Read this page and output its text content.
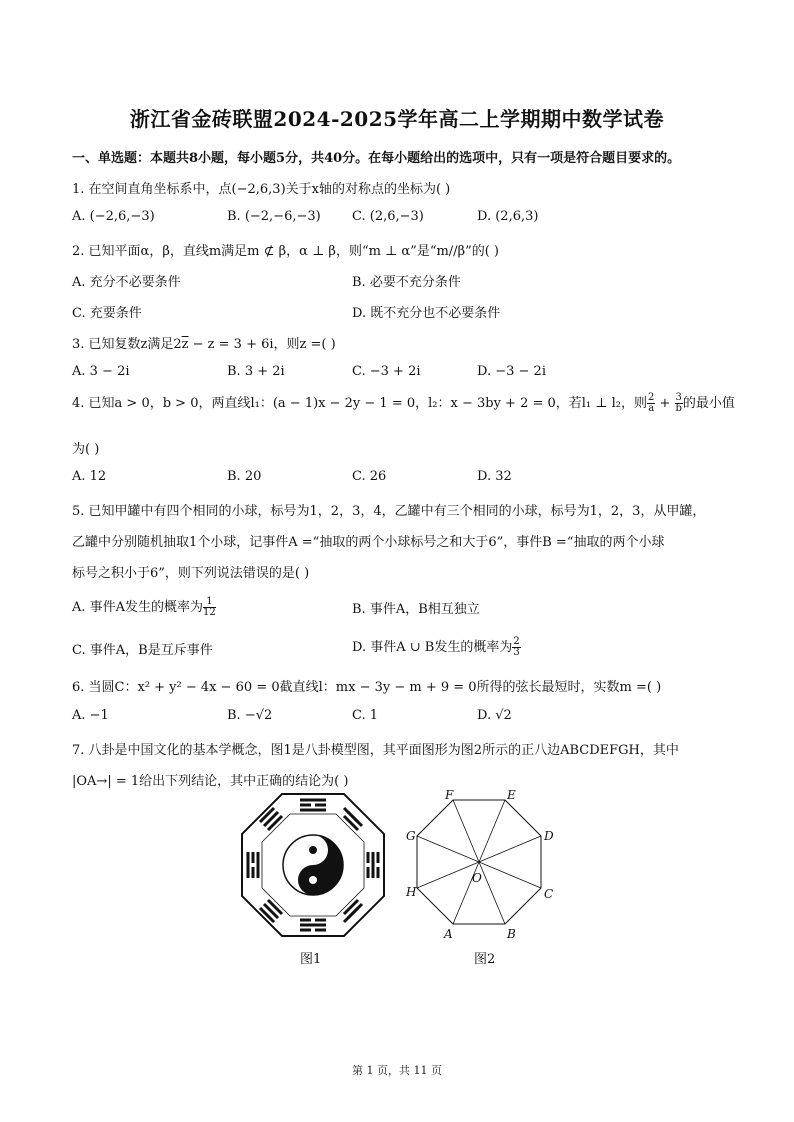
浙江省金砖联盟2024-2025学年高二上学期期中数学试卷
一、单选题：本题共8小题，每小题5分，共40分。在每小题给出的选项中，只有一项是符合题目要求的。
1. 在空间直角坐标系中，点(−2,6,3)关于x轴的对称点的坐标为( )
A. (−2,6,−3)	B. (−2,−6,−3) C. (2,6,−3)	D. (2,6,3)
2. 已知平面α，β，直线m满足m ⊄ β，α ⊥ β，则“m ⊥ α”是“m//β”的( )
A. 充分不必要条件	B. 必要不充分条件
C. 充要条件	D. 既不充分也不必要条件
3. 已知复数z满足$2\overline{z} - z = 3 + 6i$，则z =( )
A. 3 − 2i	B. 3 + 2i	C. −3 + 2i	D. −3 − 2i
4. 已知a > 0，b > 0，两直线l₁：(a − 1)x − 2y − 1 = 0，l₂：x − 3by + 2 = 0，若l₁ ⊥ l₂，则 $\frac{2}{a} + \frac{3}{b}$ 的最小值
为( )
A. 12	B. 20	C. 26	D. 32
5. 已知甲罐中有四个相同的小球，标号为1，2，3，4，乙罐中有三个相同的小球，标号为1，2，3，从甲罐，
乙罐中分别随机抽取1个小球，记事件A =“抽取的两个小球标号之和大于6”，事件B =“抽取的两个小球
标号之积小于6”，则下列说法错误的是( )
A. 事件A发生的概率为 $\frac{1}{12}$	B. 事件A，B相互独立
C. 事件A，B是互斥事件	D. 事件A ∪ B发生的概率为 $\frac{2}{3}$
6. 当圆C：x² + y² − 4x − 60 = 0截直线l：mx − 3y − m + 9 = 0所得的弦长最短时，实数m =( )
A. −1	B. −√2	C. 1	D. √2
7. 八卦是中国文化的基本学概念，图1是八卦模型图，其平面图形为图2所示的正八边ABCDEFGH，其中
|OA→| = 1给出下列结论，其中正确的结论为( )
图1
A	B
C
D
E
F
G
H
O
图2
第 1 页，共 11 页
